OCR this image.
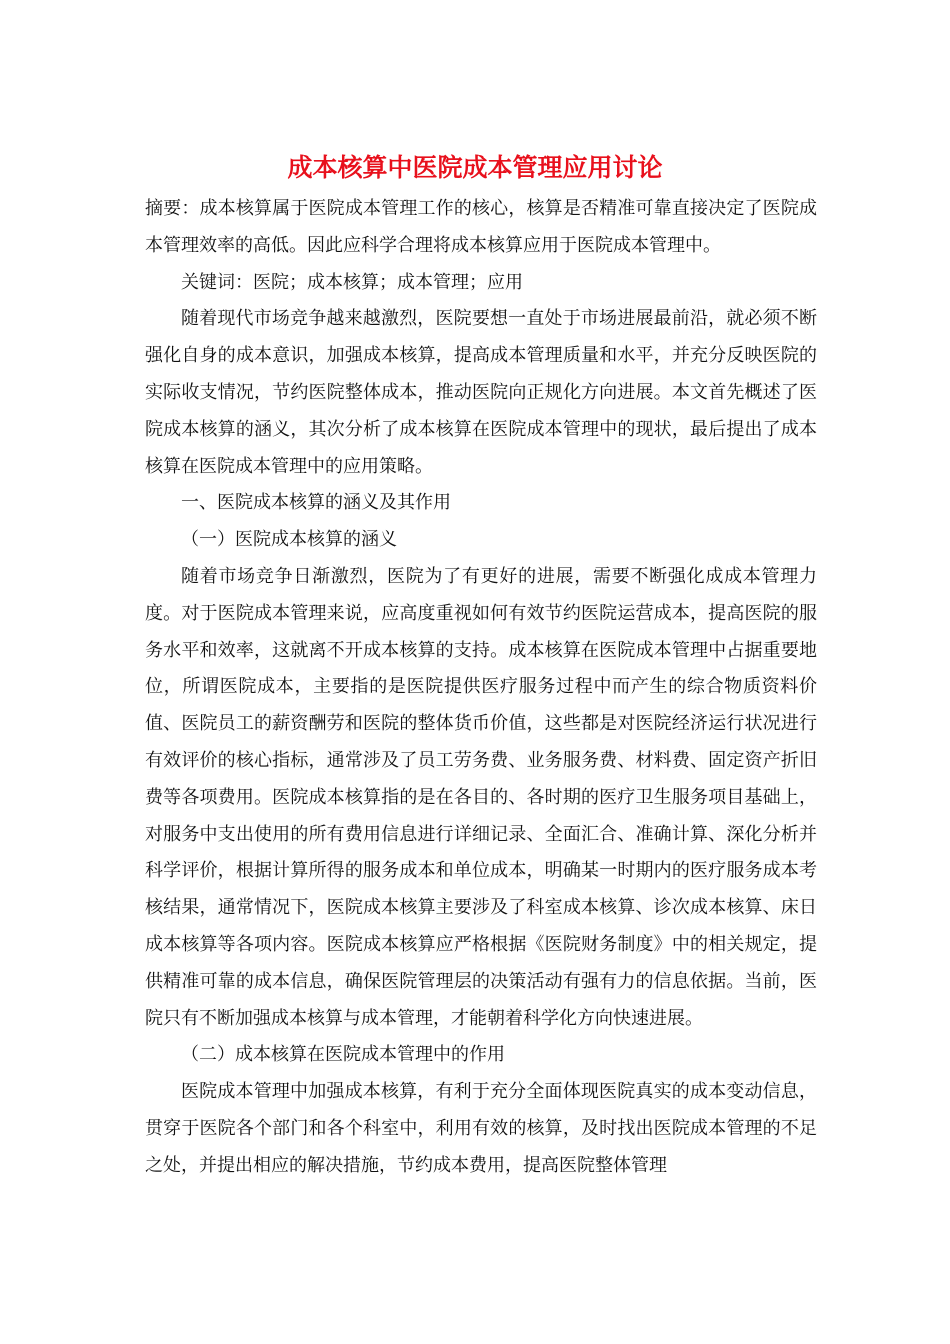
成本核算中医院成本管理应用讨论

摘要：成本核算属于医院成本管理工作的核心，核算是否精准可靠直接决定了医院成本管理效率的高低。因此应科学合理将成本核算应用于医院成本管理中。

关键词：医院；成本核算；成本管理；应用

随着现代市场竞争越来越激烈，医院要想一直处于市场进展最前沿，就必须不断强化自身的成本意识，加强成本核算，提高成本管理质量和水平，并充分反映医院的实际收支情况，节约医院整体成本，推动医院向正规化方向进展。本文首先概述了医院成本核算的涵义，其次分析了成本核算在医院成本管理中的现状，最后提出了成本核算在医院成本管理中的应用策略。

一、医院成本核算的涵义及其作用

（一）医院成本核算的涵义

随着市场竞争日渐激烈，医院为了有更好的进展，需要不断强化成成本管理力度。对于医院成本管理来说，应高度重视如何有效节约医院运营成本，提高医院的服务水平和效率，这就离不开成本核算的支持。成本核算在医院成本管理中占据重要地位，所谓医院成本，主要指的是医院提供医疗服务过程中而产生的综合物质资料价值、医院员工的薪资酬劳和医院的整体货币价值，这些都是对医院经济运行状况进行有效评价的核心指标，通常涉及了员工劳务费、业务服务费、材料费、固定资产折旧费等各项费用。医院成本核算指的是在各目的、各时期的医疗卫生服务项目基础上，对服务中支出使用的所有费用信息进行详细记录、全面汇合、准确计算、深化分析并科学评价，根据计算所得的服务成本和单位成本，明确某一时期内的医疗服务成本考核结果，通常情况下，医院成本核算主要涉及了科室成本核算、诊次成本核算、床日成本核算等各项内容。医院成本核算应严格根据《医院财务制度》中的相关规定，提供精准可靠的成本信息，确保医院管理层的决策活动有强有力的信息依据。当前，医院只有不断加强成本核算与成本管理，才能朝着科学化方向快速进展。

（二）成本核算在医院成本管理中的作用

医院成本管理中加强成本核算，有利于充分全面体现医院真实的成本变动信息，贯穿于医院各个部门和各个科室中，利用有效的核算，及时找出医院成本管理的不足之处，并提出相应的解决措施，节约成本费用，提高医院整体管理
